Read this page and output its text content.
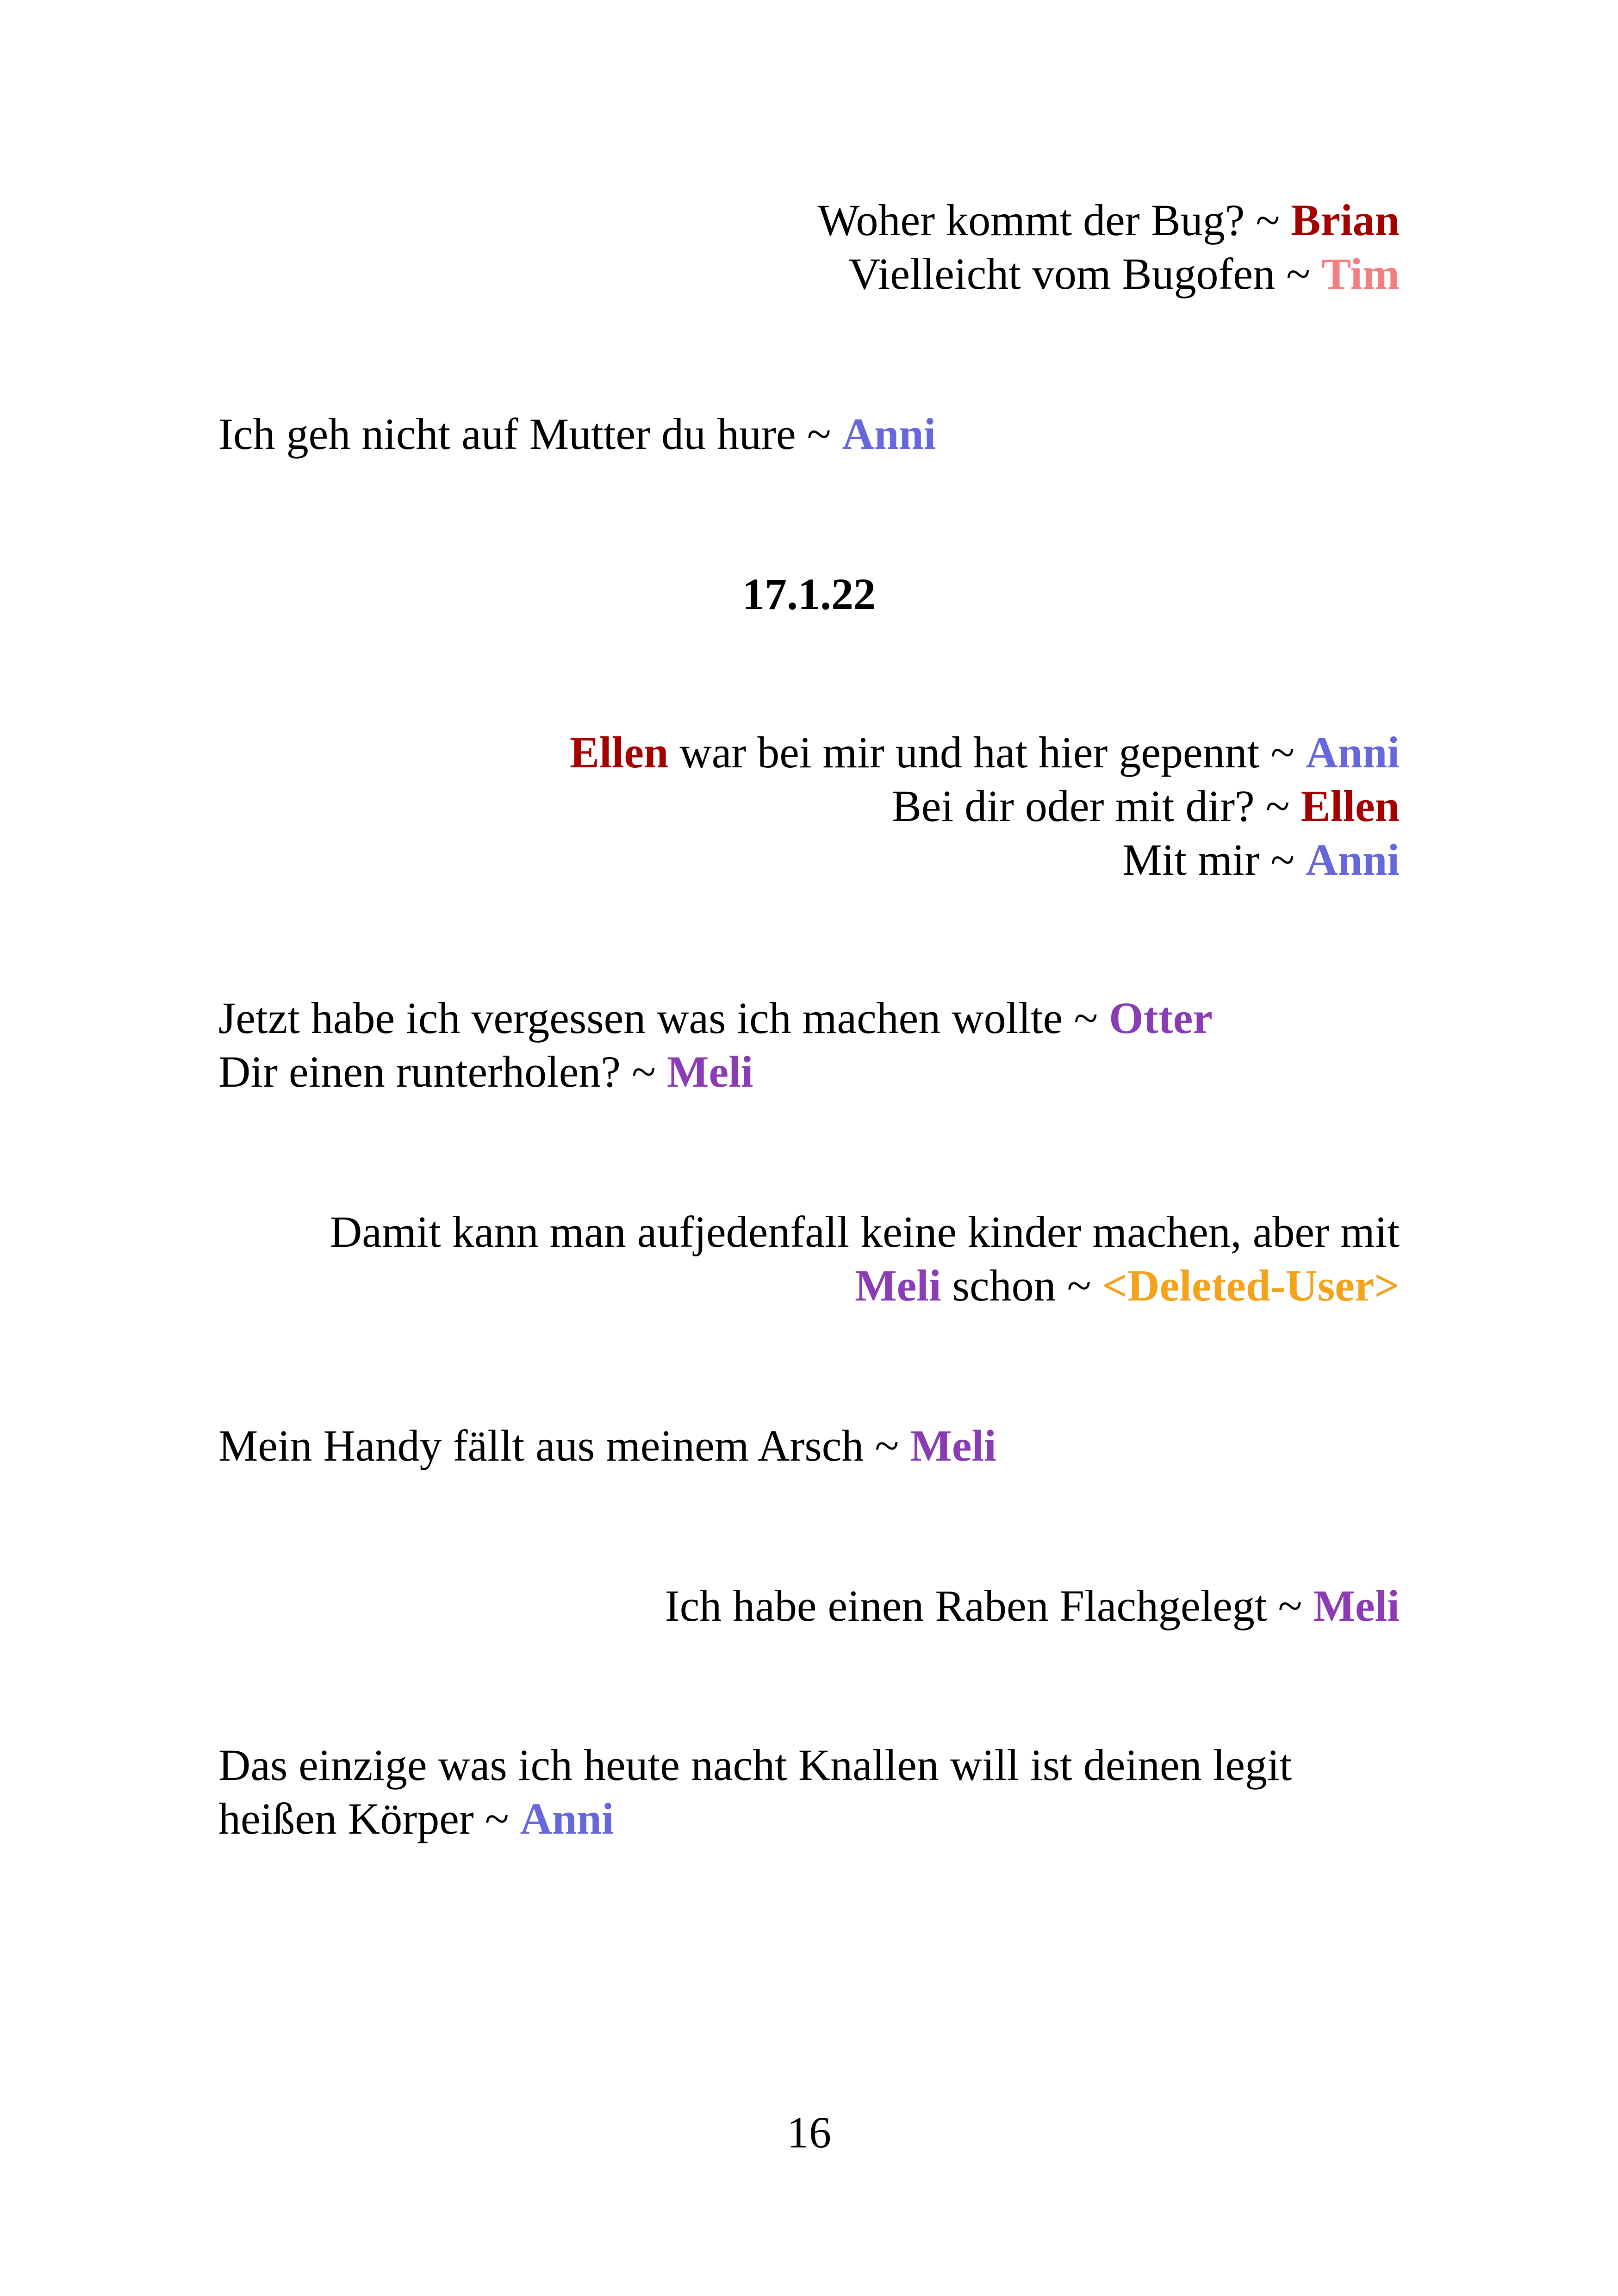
Woher kommt der Bug? ~ Brian
Vielleicht vom Bugofen ~ Tim
Ich geh nicht auf Mutter du hure ~ Anni
17.1.22
Ellen war bei mir und hat hier gepennt ~ Anni
Bei dir oder mit dir? ~ Ellen
Mit mir ~ Anni
Jetzt habe ich vergessen was ich machen wollte ~ Otter
Dir einen runterholen? ~ Meli
Damit kann man aufjedenfall keine kinder machen, aber mit
Meli schon ~ <Deleted-User>
Mein Handy fällt aus meinem Arsch ~ Meli
Ich habe einen Raben Flachgelegt ~ Meli
Das einzige was ich heute nacht Knallen will ist deinen legit
heißen Körper ~ Anni
16
